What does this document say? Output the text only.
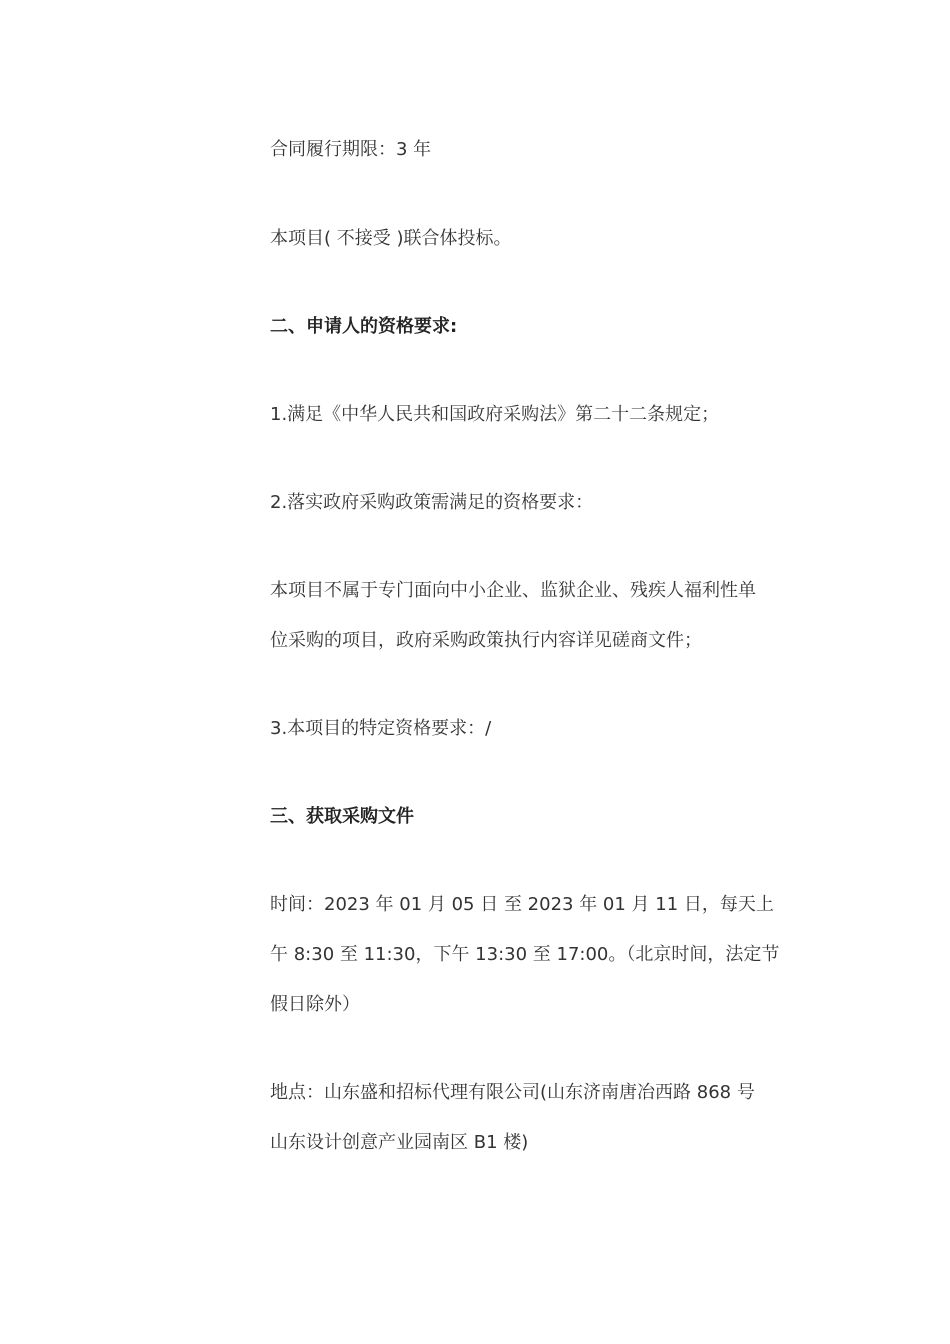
合同履行期限：3 年
本项目( 不接受 )联合体投标。
二、申请人的资格要求:
1.满足《中华人民共和国政府采购法》第二十二条规定；
2.落实政府采购政策需满足的资格要求：
本项目不属于专门面向中小企业、监狱企业、残疾人福利性单
位采购的项目，政府采购政策执行内容详见磋商文件；
3.本项目的特定资格要求：/
三、获取采购文件
时间：2023 年 01 月 05 日 至 2023 年 01 月 11 日，每天上
午 8:30 至 11:30，下午 13:30 至 17:00。（北京时间，法定节
假日除外）
地点：山东盛和招标代理有限公司(山东济南唐冶西路 868 号
山东设计创意产业园南区 B1 楼)
